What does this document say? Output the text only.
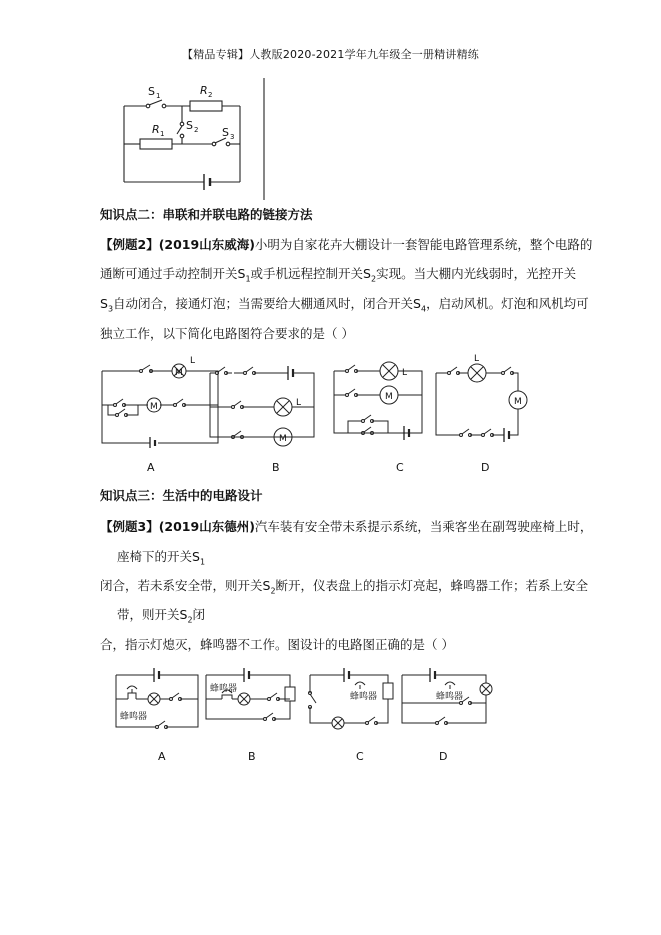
【精品专辑】人教版2020-2021学年九年级全一册精讲精练
S 1	R 2
R 1
S 2 S 3
知识点二：串联和并联电路的链接方法
【例题2】(2019山东威海)小明为自家花卉大棚设计一套智能电路管理系统，整个电路的
通断可通过手动控制开关$S_1$或手机远程控制开关$S_2$实现。当大棚内光线弱时，光控开关
$S_3$自动闭合，接通灯泡；当需要给大棚通风时，闭合开关$S_4$，启动风机。灯泡和风机均可
独立工作，以下简化电路图符合要求的是（ ）
M
M
M
M	M
L
L
L
L
A	B	C	D
知识点三：生活中的电路设计
【例题3】(2019山东德州)汽车装有安全带未系提示系统，当乘客坐在副驾驶座椅上时，
座椅下的开关$S_1$
闭合，若未系安全带，则开关$S_2$断开，仪表盘上的指示灯亮起，蜂鸣器工作；若系上安全
带，则开关$S_2$闭
合，指示灯熄灭，蜂鸣器不工作。图设计的电路图正确的是（ ）
蜂鸣器
蜂鸣器
蜂鸣器	蜂鸣器
A	B	C	D
